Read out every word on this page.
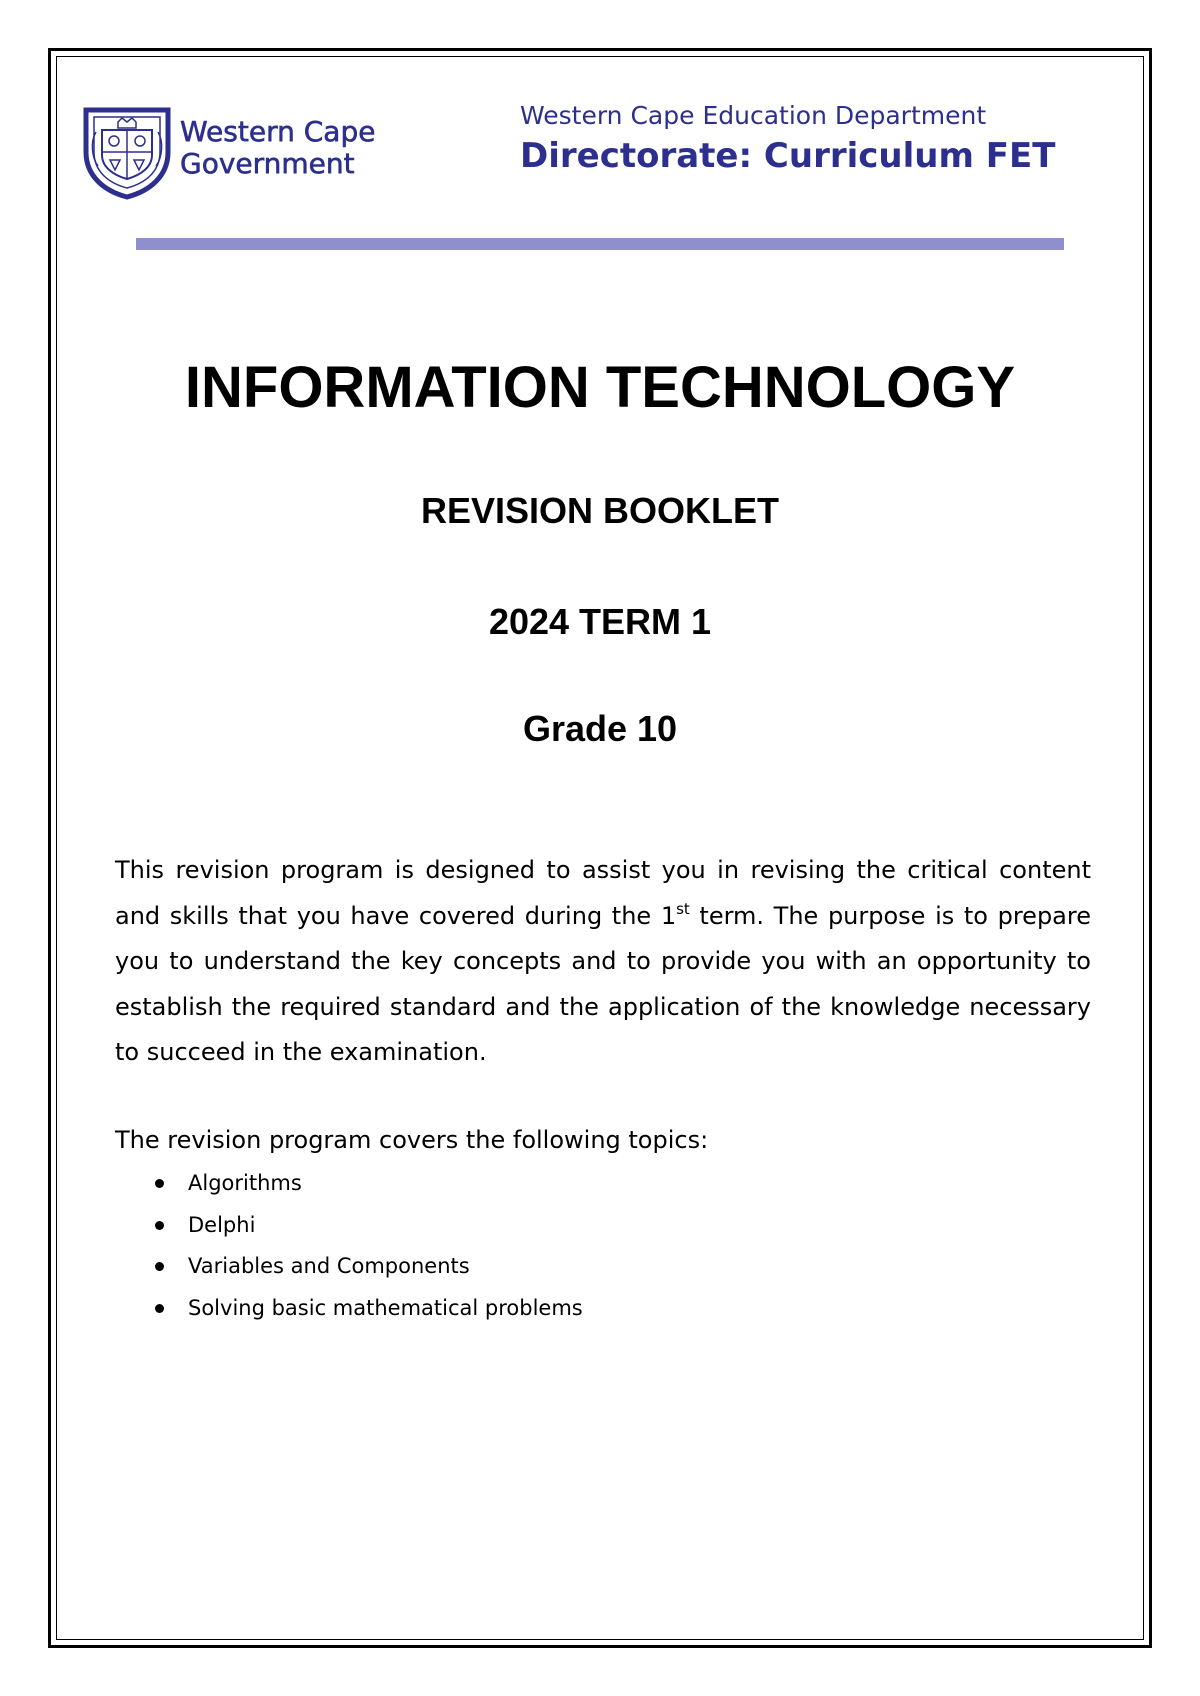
Western Cape
Government
Western Cape Education Department
Directorate: Curriculum FET
INFORMATION TECHNOLOGY
REVISION BOOKLET
2024 TERM 1
Grade 10

This revision program is designed to assist you in revising the critical content and skills that you have covered during the 1st term. The purpose is to prepare you to understand the key concepts and to provide you with an opportunity to establish the required standard and the application of the knowledge necessary to succeed in the examination.

The revision program covers the following topics:

Algorithms
Delphi
Variables and Components
Solving basic mathematical problems
